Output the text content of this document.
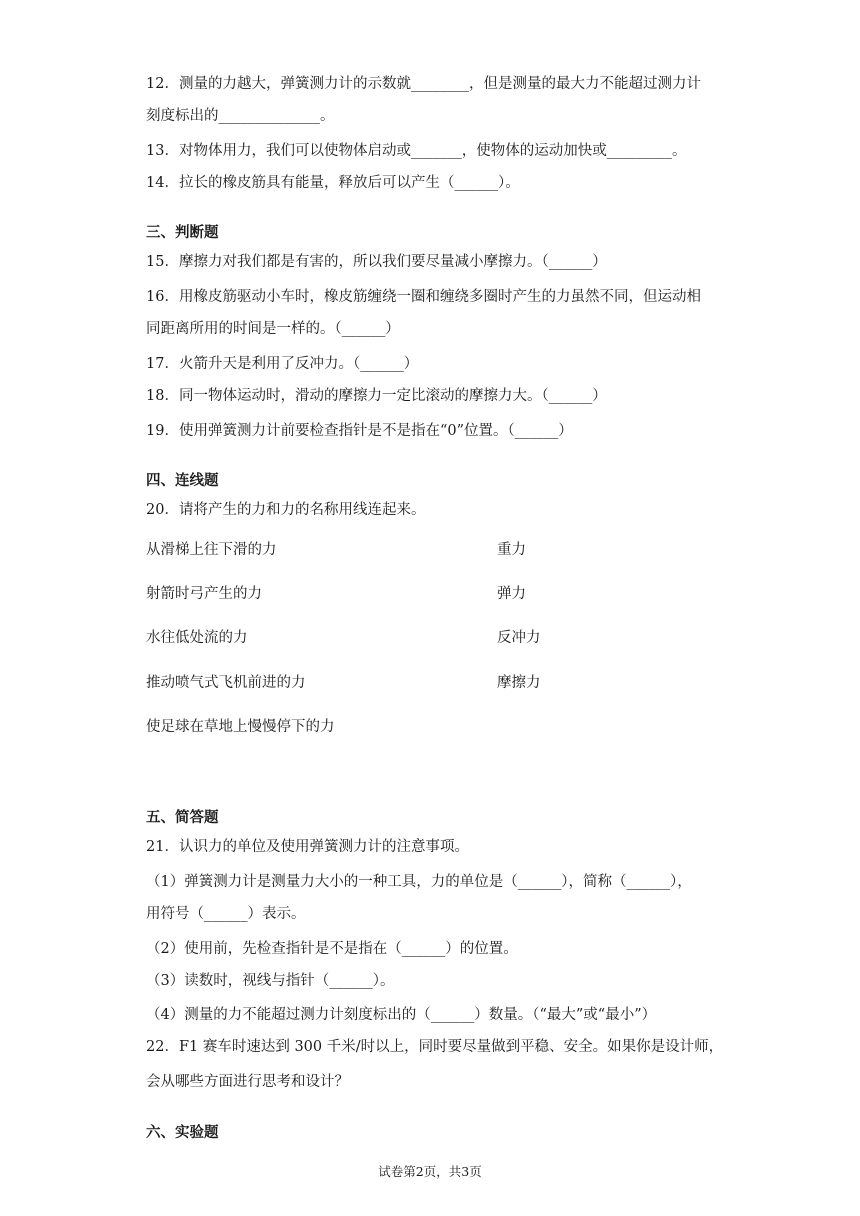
12．测量的力越大，弹簧测力计的示数就________，但是测量的最大力不能超过测力计
刻度标出的______________。
13．对物体用力，我们可以使物体启动或_______，使物体的运动加快或_________。
14．拉长的橡皮筋具有能量，释放后可以产生（______）。
三、判断题
15．摩擦力对我们都是有害的，所以我们要尽量减小摩擦力。（______）
16．用橡皮筋驱动小车时，橡皮筋缠绕一圈和缠绕多圈时产生的力虽然不同，但运动相
同距离所用的时间是一样的。（______）
17．火箭升天是利用了反冲力。（______）
18．同一物体运动时，滑动的摩擦力一定比滚动的摩擦力大。（______）
19．使用弹簧测力计前要检查指针是不是指在“0”位置。（______）
四、连线题
20．请将产生的力和力的名称用线连起来。
从滑梯上往下滑的力
射箭时弓产生的力
水往低处流的力
推动喷气式飞机前进的力
使足球在草地上慢慢停下的力
重力
弹力
反冲力
摩擦力
五、简答题
21．认识力的单位及使用弹簧测力计的注意事项。
（1）弹簧测力计是测量力大小的一种工具，力的单位是（______），简称（______），
用符号（______）表示。
（2）使用前，先检查指针是不是指在（______）的位置。
（3）读数时，视线与指针（______）。
（4）测量的力不能超过测力计刻度标出的（______）数量。（“最大”或“最小”）
22．F1 赛车时速达到 300 千米/时以上，同时要尽量做到平稳、安全。如果你是设计师，
会从哪些方面进行思考和设计？
六、实验题
试卷第2页，共3页
